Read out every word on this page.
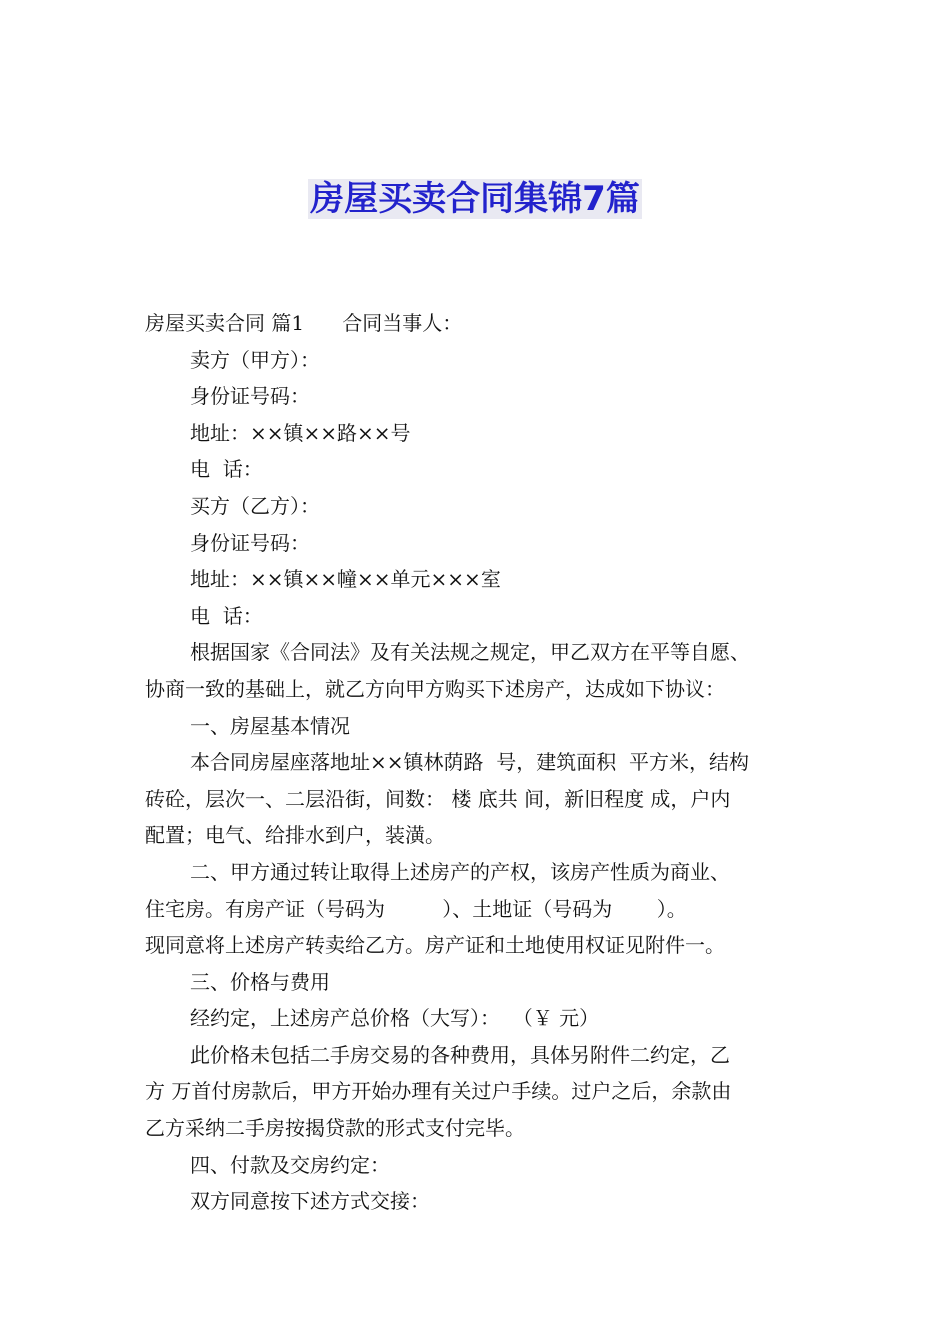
房屋买卖合同集锦7篇
房屋买卖合同 篇1      合同当事人：
卖方（甲方）：
身份证号码：
地址：××镇××路××号
电  话：
买方（乙方）：
身份证号码：
地址：××镇××幢××单元×××室
电  话：
根据国家《合同法》及有关法规之规定，甲乙双方在平等自愿、
协商一致的基础上，就乙方向甲方购买下述房产，达成如下协议：
一、房屋基本情况
本合同房屋座落地址××镇林荫路  号，建筑面积  平方米，结构
砖砼，层次一、二层沿街，间数： 楼 底共 间，新旧程度 成，户内
配置；电气、给排水到户，装潢。
二、甲方通过转让取得上述房产的产权，该房产性质为商业、
住宅房。有房产证（号码为         ）、土地证（号码为       ）。
现同意将上述房产转卖给乙方。房产证和土地使用权证见附件一。
三、价格与费用
经约定，上述房产总价格（大写）：  （￥ 元）
此价格未包括二手房交易的各种费用，具体另附件二约定，乙
方 万首付房款后，甲方开始办理有关过户手续。过户之后，余款由
乙方采纳二手房按揭贷款的形式支付完毕。
四、付款及交房约定：
双方同意按下述方式交接：
